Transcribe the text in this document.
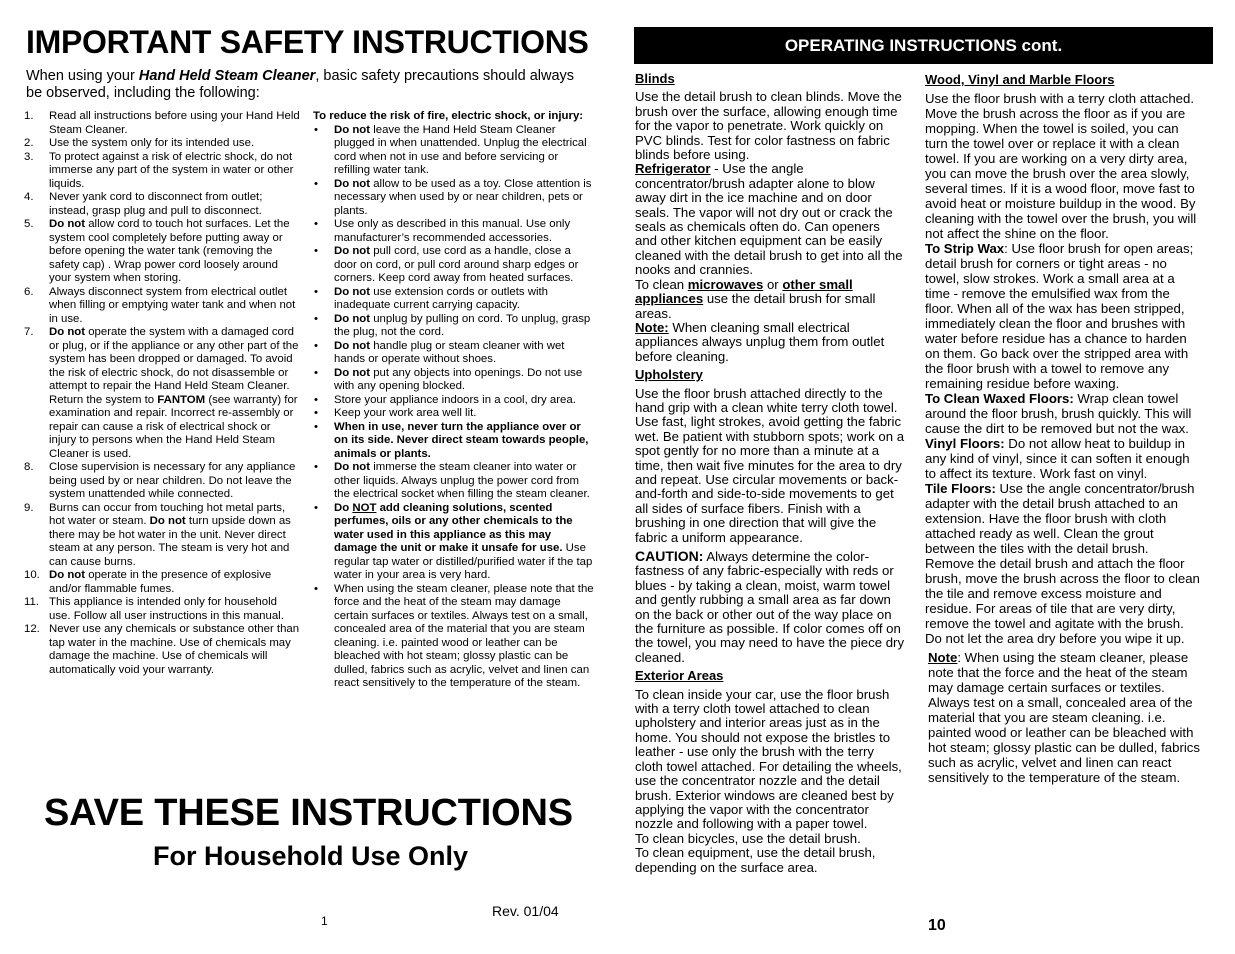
IMPORTANT SAFETY INSTRUCTIONS
When using your Hand Held Steam Cleaner, basic safety precautions should always be observed, including the following:
1.	Read all instructions before using your Hand Held Steam Cleaner.
2.	Use the system only for its intended use.
3.	To protect against a risk of electric shock, do not immerse any part of the system in water or other liquids.
4.	Never yank cord to disconnect from outlet; instead, grasp plug and pull to disconnect.
5.	Do not allow cord to touch hot surfaces. Let the system cool completely before putting away or before opening the water tank (removing the safety cap) . Wrap power cord loosely around your system when storing.
6.	Always disconnect system from electrical outlet when filling or emptying water tank and when not in use.
7.	Do not operate the system with a damaged cord or plug, or if the appliance or any other part of the system has been dropped or damaged. To avoid the risk of electric shock, do not disassemble or attempt to repair the Hand Held Steam Cleaner. Return the system to FANTOM (see warranty) for examination and repair. Incorrect re-assembly or repair can cause a risk of electrical shock or injury to persons when the Hand Held Steam Cleaner is used.
8.	Close supervision is necessary for any appliance being used by or near children. Do not leave the system unattended while connected.
9.	Burns can occur from touching hot metal parts, hot water or steam. Do not turn upside down as there may be hot water in the unit. Never direct steam at any person. The steam is very hot and can cause burns.
10. Do not operate in the presence of explosive and/or flammable fumes.
11. This appliance is intended only for household use. Follow all user instructions in this manual.
12. Never use any chemicals or substance other than tap water in the machine. Use of chemicals may damage the machine. Use of chemicals will automatically void your warranty.
To reduce the risk of fire, electric shock, or injury:
•	Do not leave the Hand Held Steam Cleaner plugged in when unattended. Unplug the electrical cord when not in use and before servicing or refilling water tank.
•	Do not allow to be used as a toy. Close attention is necessary when used by or near children, pets or plants.
•	Use only as described in this manual. Use only manufacturer’s recommended accessories.
•	Do not pull cord, use cord as a handle, close a door on cord, or pull cord around sharp edges or corners. Keep cord away from heated surfaces.
•	Do not use extension cords or outlets with inadequate current carrying capacity.
•	Do not unplug by pulling on cord. To unplug, grasp the plug, not the cord.
•	Do not handle plug or steam cleaner with wet hands or operate without shoes.
•	Do not put any objects into openings. Do not use with any opening blocked.
•	Store your appliance indoors in a cool, dry area.
•	Keep your work area well lit.
•	When in use, never turn the appliance over or on its side. Never direct steam towards people, animals or plants.
•	Do not immerse the steam cleaner into water or other liquids. Always unplug the power cord from the electrical socket when filling the steam cleaner.
•	Do NOT add cleaning solutions, scented perfumes, oils or any other chemicals to the water used in this appliance as this may damage the unit or make it unsafe for use. Use regular tap water or distilled/purified water if the tap water in your area is very hard.
•	When using the steam cleaner, please note that the force and the heat of the steam may damage certain surfaces or textiles. Always test on a small, concealed area of the material that you are steam cleaning. i.e. painted wood or leather can be bleached with hot steam; glossy plastic can be dulled, fabrics such as acrylic, velvet and linen can react sensitively to the temperature of the steam.
SAVE THESE INSTRUCTIONS
For Household Use Only
Rev. 01/04
1
OPERATING INSTRUCTIONS cont.
Blinds
Use the detail brush to clean blinds. Move the brush over the surface, allowing enough time for the vapor to penetrate. Work quickly on PVC blinds. Test for color fastness on fabric blinds before using.
Refrigerator - Use the angle concentrator/brush adapter alone to blow away dirt in the ice machine and on door seals. The vapor will not dry out or crack the seals as chemicals often do. Can openers and other kitchen equipment can be easily cleaned with the detail brush to get into all the nooks and crannies.
To clean microwaves or other small appliances use the detail brush for small areas.
Note: When cleaning small electrical appliances always unplug them from outlet before cleaning.
Upholstery
Use the floor brush attached directly to the hand grip with a clean white terry cloth towel. Use fast, light strokes, avoid getting the fabric wet. Be patient with stubborn spots; work on a spot gently for no more than a minute at a time, then wait five minutes for the area to dry and repeat. Use circular movements or back-and-forth and side-to-side movements to get all sides of surface fibers. Finish with a brushing in one direction that will give the fabric a uniform appearance.
CAUTION: Always determine the color-fastness of any fabric-especially with reds or blues - by taking a clean, moist, warm towel and gently rubbing a small area as far down on the back or other out of the way place on the furniture as possible. If color comes off on the towel, you may need to have the piece dry cleaned.
Exterior Areas
To clean inside your car, use the floor brush with a terry cloth towel attached to clean upholstery and interior areas just as in the home. You should not expose the bristles to leather - use only the brush with the terry cloth towel attached. For detailing the wheels, use the concentrator nozzle and the detail brush. Exterior windows are cleaned best by applying the vapor with the concentrator nozzle and following with a paper towel.
To clean bicycles, use the detail brush.
To clean equipment, use the detail brush, depending on the surface area.
Wood, Vinyl and Marble Floors
Use the floor brush with a terry cloth attached. Move the brush across the floor as if you are mopping. When the towel is soiled, you can turn the towel over or replace it with a clean towel. If you are working on a very dirty area, you can move the brush over the area slowly, several times. If it is a wood floor, move fast to avoid heat or moisture buildup in the wood. By cleaning with the towel over the brush, you will not affect the shine on the floor.
To Strip Wax: Use floor brush for open areas; detail brush for corners or tight areas - no towel, slow strokes. Work a small area at a time - remove the emulsified wax from the floor. When all of the wax has been stripped, immediately clean the floor and brushes with water before residue has a chance to harden on them. Go back over the stripped area with the floor brush with a towel to remove any remaining residue before waxing.
To Clean Waxed Floors: Wrap clean towel around the floor brush, brush quickly. This will cause the dirt to be removed but not the wax.
Vinyl Floors: Do not allow heat to buildup in any kind of vinyl, since it can soften it enough to affect its texture. Work fast on vinyl.
Tile Floors: Use the angle concentrator/brush adapter with the detail brush attached to an extension. Have the floor brush with cloth attached ready as well. Clean the grout between the tiles with the detail brush. Remove the detail brush and attach the floor brush, move the brush across the floor to clean the tile and remove excess moisture and residue. For areas of tile that are very dirty, remove the towel and agitate with the brush. Do not let the area dry before you wipe it up.
Note: When using the steam cleaner, please note that the force and the heat of the steam may damage certain surfaces or textiles. Always test on a small, concealed area of the material that you are steam cleaning. i.e. painted wood or leather can be bleached with hot steam; glossy plastic can be dulled, fabrics such as acrylic, velvet and linen can react sensitively to the temperature of the steam.
10
